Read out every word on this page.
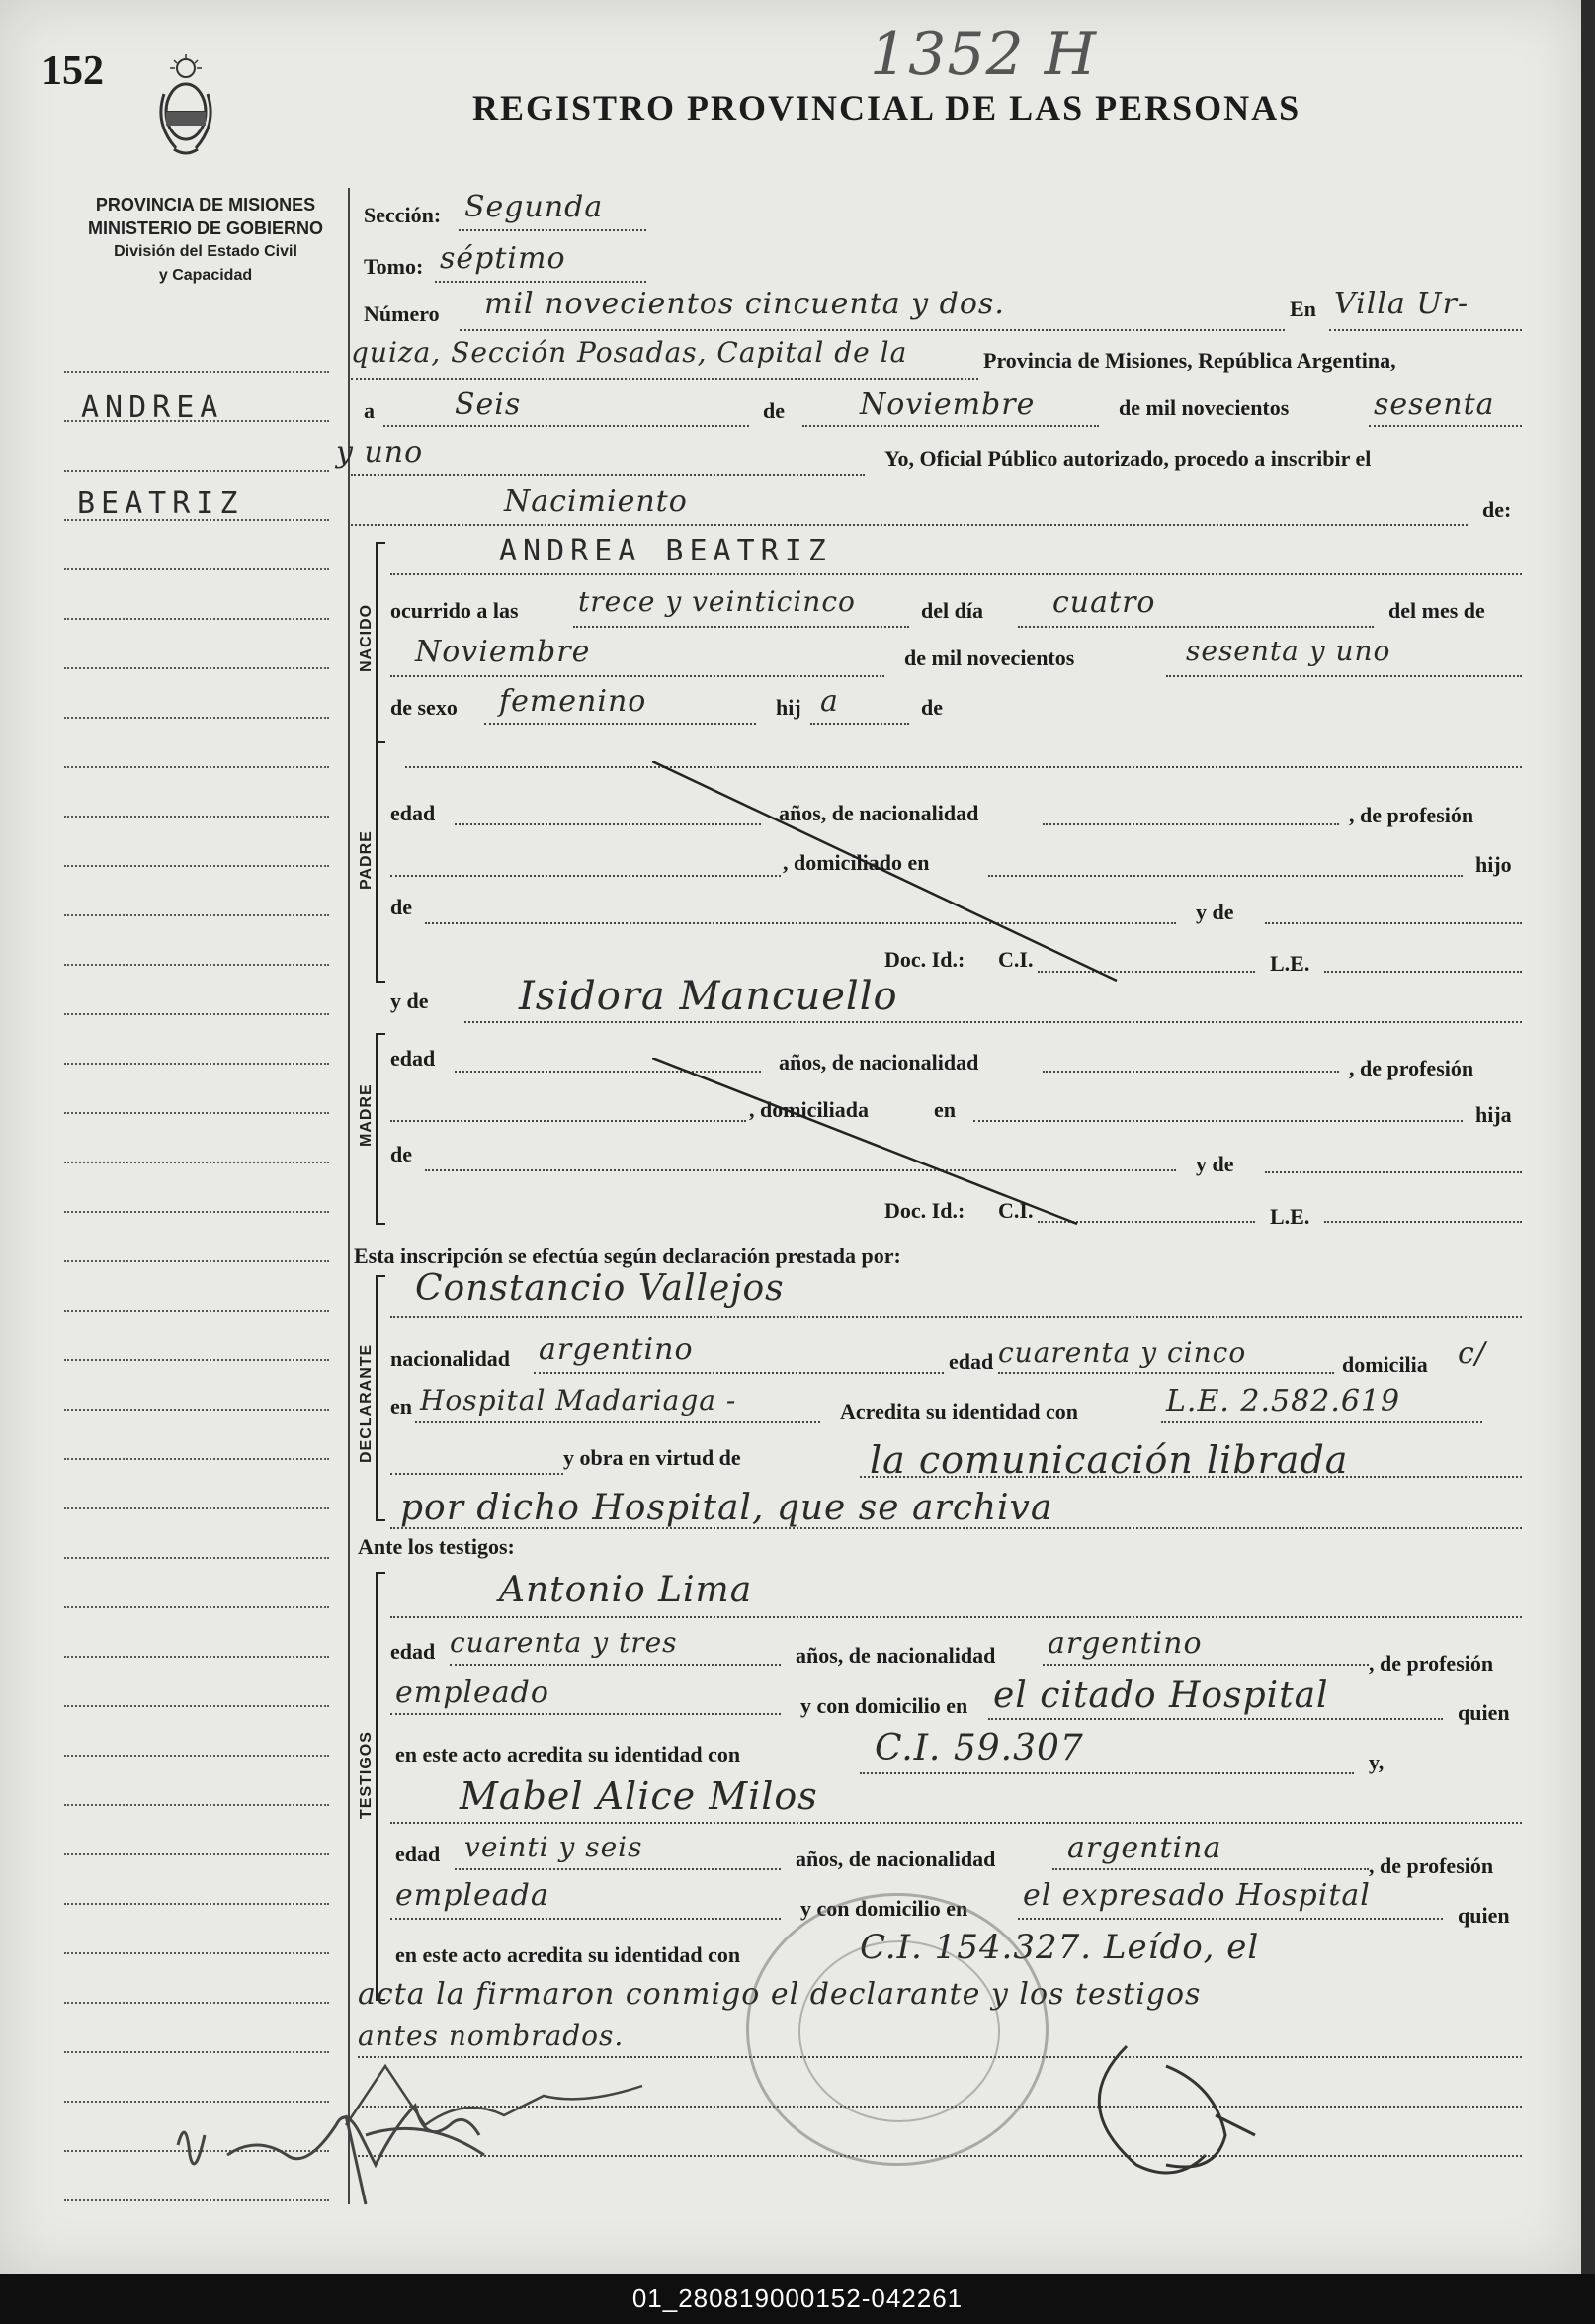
152	1352 H
REGISTRO PROVINCIAL DE LAS PERSONAS
PROVINCIA DE MISIONES
MINISTERIO DE GOBIERNO
División del Estado Civil
y Capacidad
ANDREA
BEATRIZ
Sección: Segunda
Tomo: séptimo
Número mil novecientos cincuenta y dos.	En Villa Ur-
quiza, Sección Posadas, Capital de la	Provincia de Misiones, República Argentina,
a	Seis	de	Noviembre	de mil novecientos	sesenta
y uno	Yo, Oficial Público autorizado, procedo a inscribir el
Nacimiento	de:
NACIDO
ANDREA BEATRIZ
ocurrido a las trece y veinticinco	del día cuatro	del mes de
Noviembre	de mil novecientos	sesenta y uno
de sexo femenino	hij a	de
PADRE
edad	años, de nacionalidad	, de profesión
, domiciliado en	hijo
de	y de
Doc. Id.: C.I.	L.E.
y de Isidora Mancuello
MADRE
edad	años, de nacionalidad	, de profesión
, domiciliada	en	hija
de	y de
Doc. Id.: C.I.	L.E.
Esta inscripción se efectúa según declaración prestada por:
DECLARANTE
Constancio Vallejos
nacionalidad argentino	edad cuarenta y cinco	domicilia c/
en Hospital Madariaga -	Acredita su identidad con	L.E. 2.582.619
y obra en virtud de	la comunicación librada
por dicho Hospital, que se archiva
Ante los testigos:
TESTIGOS
Antonio Lima
edad cuarenta y tres	años, de nacionalidad argentino
, de profesión
empleado	y con domicilio en el citado Hospital	quien
en este acto acredita su identidad con	C.I. 59.307	y,
Mabel Alice Milos
edad veinti y seis	años, de nacionalidad argentina
, de profesión
empleada	y con domicilio en el expresado Hospital
quien
en este acto acredita su identidad con	C.I. 154.327. Leído, el
acta la firmaron conmigo el declarante y los testigos
antes nombrados.
01_280819000152-042261
